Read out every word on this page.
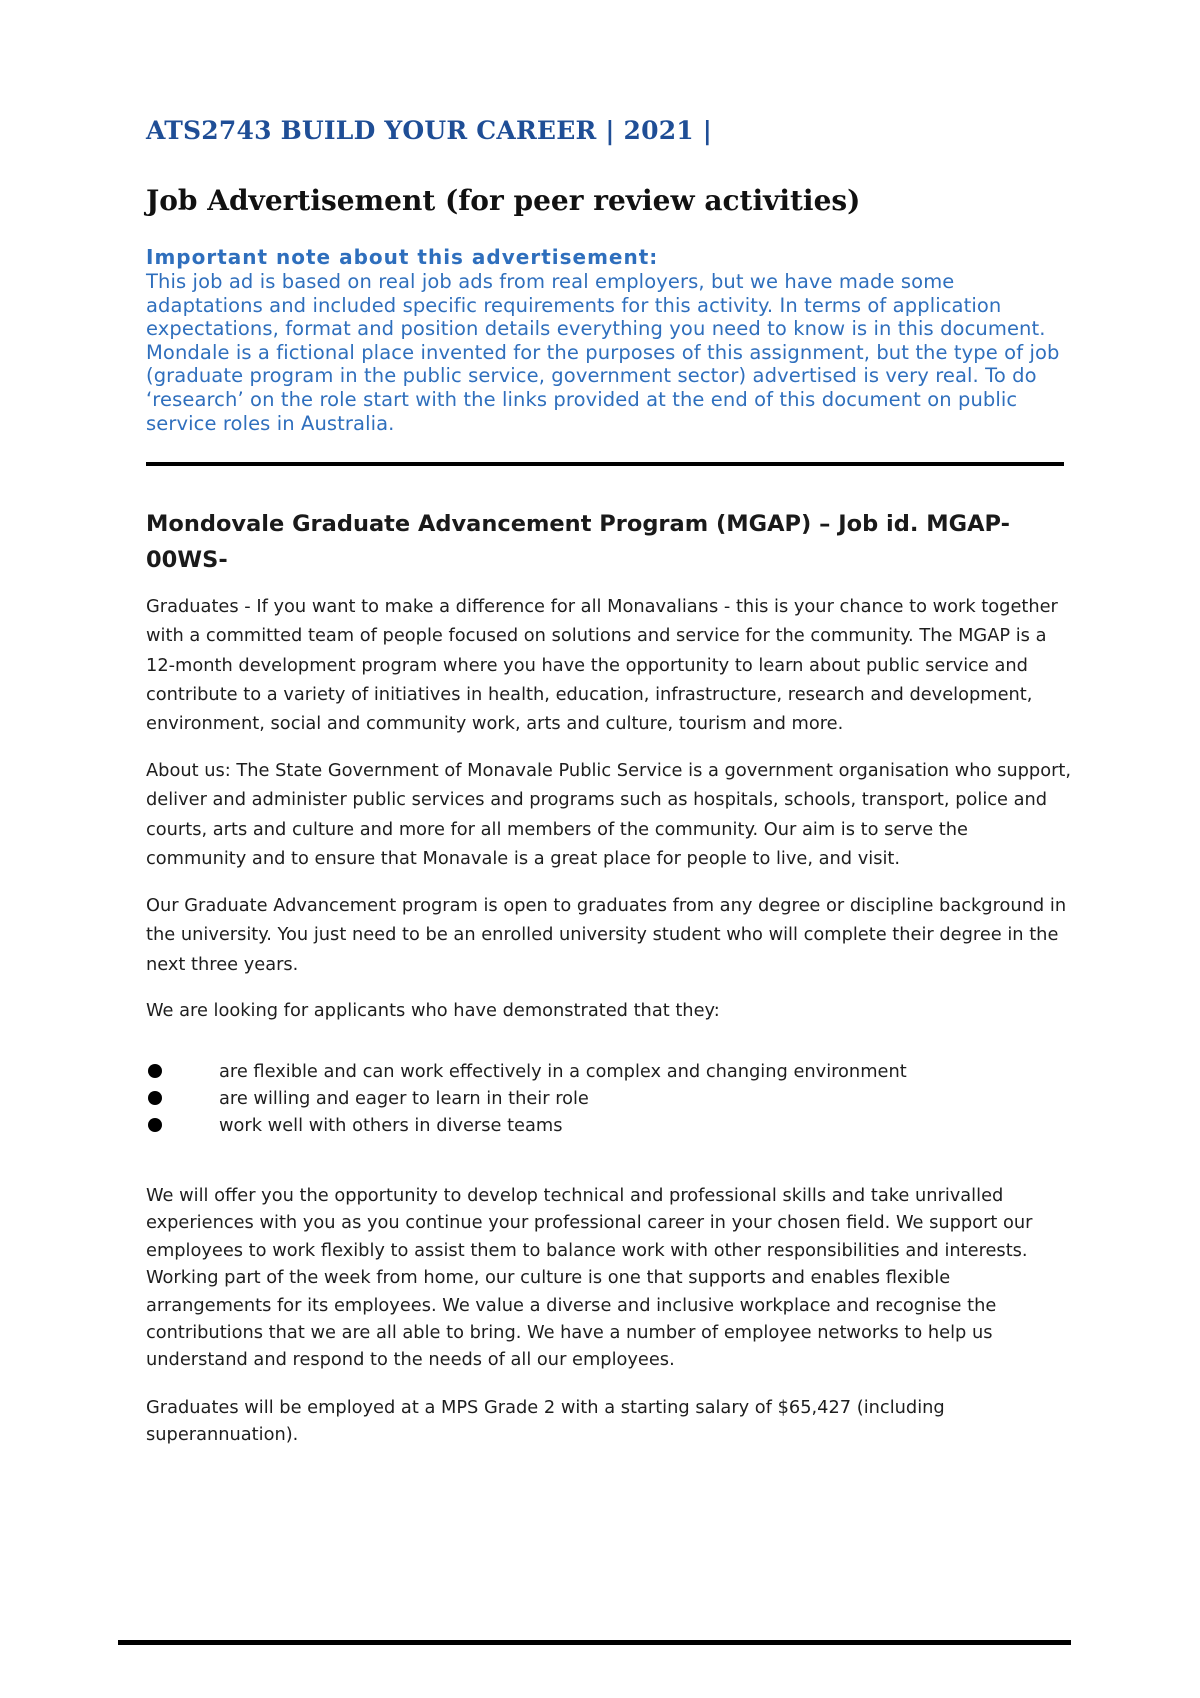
ATS2743 BUILD YOUR CAREER | 2021 |
Job Advertisement (for peer review activities)
Important note about this advertisement:

This job ad is based on real job ads from real employers, but we have made some adaptations and included specific requirements for this activity. In terms of application expectations, format and position details everything you need to know is in this document. Mondale is a fictional place invented for the purposes of this assignment, but the type of job (graduate program in the public service, government sector) advertised is very real. To do ‘research’ on the role start with the links provided at the end of this document on public service roles in Australia.

Mondovale Graduate Advancement Program (MGAP) – Job id. MGAP-00WS-

Graduates - If you want to make a difference for all Monavalians - this is your chance to work together with a committed team of people focused on solutions and service for the community. The MGAP is a 12-month development program where you have the opportunity to learn about public service and contribute to a variety of initiatives in health, education, infrastructure, research and development, environment, social and community work, arts and culture, tourism and more.

About us: The State Government of Monavale Public Service is a government organisation who support, deliver and administer public services and programs such as hospitals, schools, transport, police and courts, arts and culture and more for all members of the community. Our aim is to serve the community and to ensure that Monavale is a great place for people to live, and visit.

Our Graduate Advancement program is open to graduates from any degree or discipline background in the university. You just need to be an enrolled university student who will complete their degree in the next three years.

We are looking for applicants who have demonstrated that they:

are flexible and can work effectively in a complex and changing environment
are willing and eager to learn in their role
work well with others in diverse teams

We will offer you the opportunity to develop technical and professional skills and take unrivalled experiences with you as you continue your professional career in your chosen field. We support our employees to work flexibly to assist them to balance work with other responsibilities and interests. Working part of the week from home, our culture is one that supports and enables flexible arrangements for its employees. We value a diverse and inclusive workplace and recognise the contributions that we are all able to bring. We have a number of employee networks to help us understand and respond to the needs of all our employees.

Graduates will be employed at a MPS Grade 2 with a starting salary of $65,427 (including superannuation).
